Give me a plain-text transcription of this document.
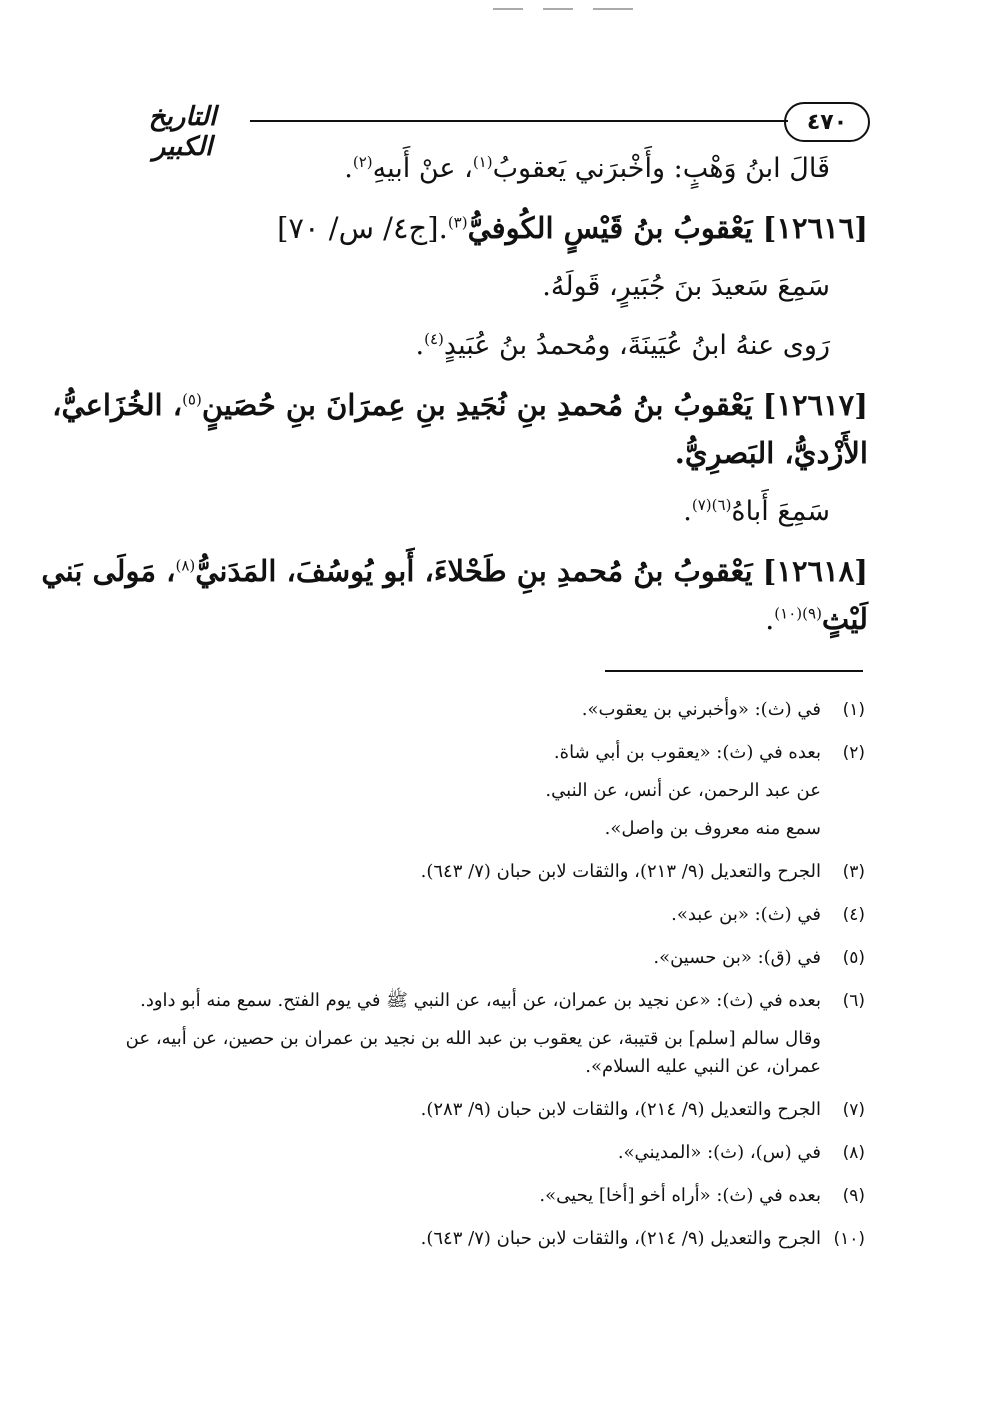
٤٧٠
التاريخ الكبير

قَالَ ابنُ وَهْبٍ: وأَخْبرَني يَعقوبُ$^{(١)}$، عنْ أَبيهِ$^{(٢)}$.

[١٢٦١٦] يَعْقوبُ بنُ قَيْسٍ الكُوفيُّ$^{(٣)}$.[ج٤/ س/ ٧٠]

سَمِعَ سَعيدَ بنَ جُبَيرٍ، قَولَهُ.

رَوى عنهُ ابنُ عُيَينَةَ، ومُحمدُ بنُ عُبَيدٍ$^{(٤)}$.

[١٢٦١٧] يَعْقوبُ بنُ مُحمدِ بنِ نُجَيدِ بنِ عِمرَانَ بنِ حُصَينٍ$^{(٥)}$، الخُزَاعيُّ،

الأَزْديُّ، البَصرِيُّ.

سَمِعَ أَباهُ$^{(٦)(٧)}$.

[١٢٦١٨] يَعْقوبُ بنُ مُحمدِ بنِ طَحْلاءَ، أَبو يُوسُفَ، المَدَنيُّ$^{(٨)}$، مَولَى بَني

لَيْثٍ$^{(٩)(١٠)}$.

(١)

في (ث): «وأخبرني بن يعقوب».

(٢)

بعده في (ث): «يعقوب بن أبي شاة.

عن عبد الرحمن، عن أنس، عن النبي.

سمع منه معروف بن واصل».

(٣)

الجرح والتعديل (٩/ ٢١٣)، والثقات لابن حبان (٧/ ٦٤٣).

(٤)

في (ث): «بن عبد».

(٥)

في (ق): «بن حسين».

(٦)

بعده في (ث): «عن نجيد بن عمران، عن أبيه، عن النبي ﷺ في يوم الفتح. سمع منه أبو داود.

وقال سالم [سلم] بن قتيبة، عن يعقوب بن عبد الله بن نجيد بن عمران بن حصين، عن أبيه، عن عمران، عن النبي عليه السلام».

(٧)

الجرح والتعديل (٩/ ٢١٤)، والثقات لابن حبان (٩/ ٢٨٣).

(٨)

في (س)، (ث): «المديني».

(٩)

بعده في (ث): «أراه أخو [أخا] يحيى».

(١٠)

الجرح والتعديل (٩/ ٢١٤)، والثقات لابن حبان (٧/ ٦٤٣).
